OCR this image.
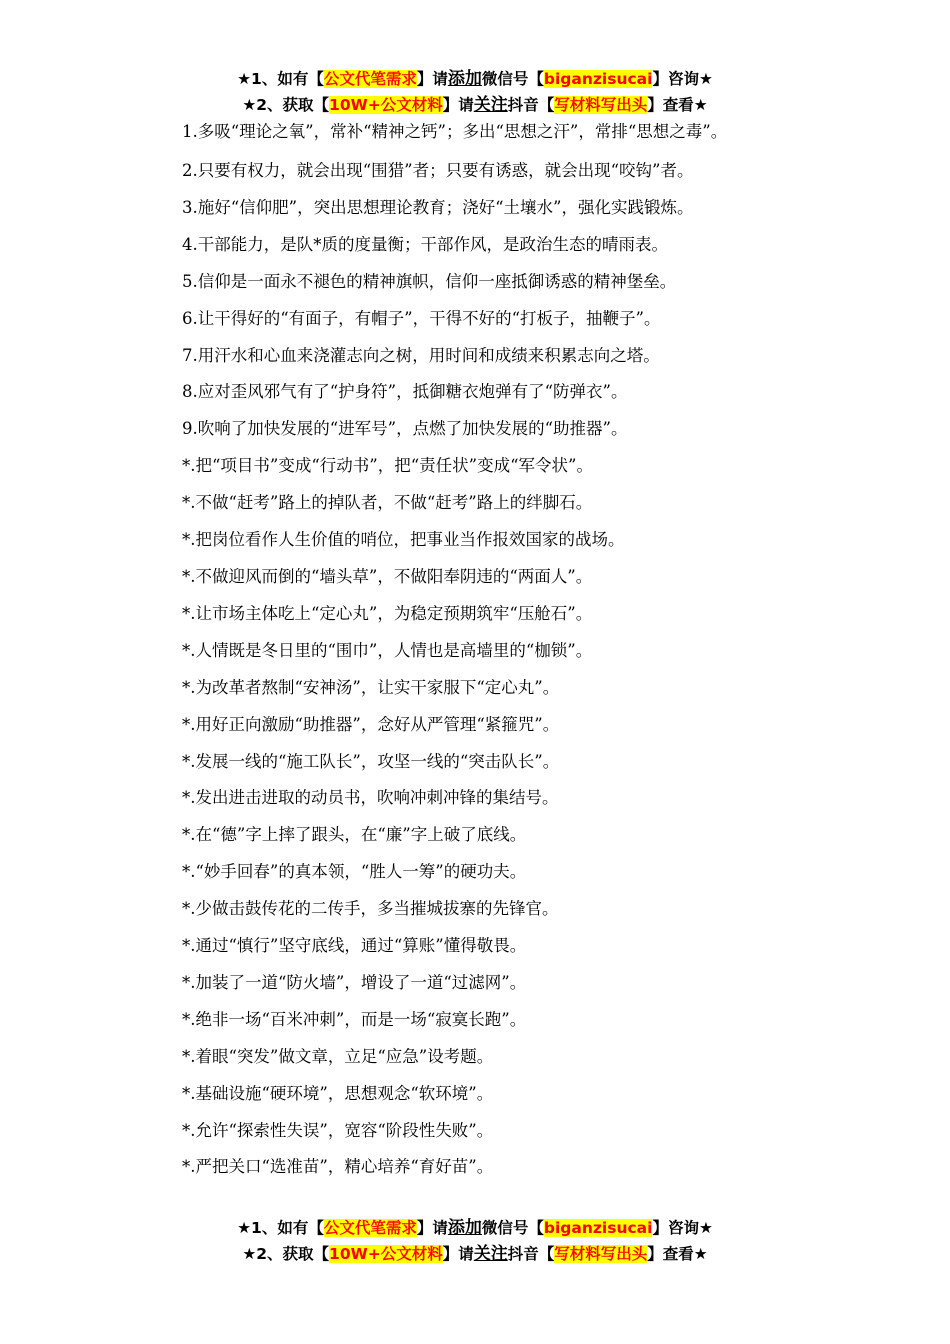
★1、如有【公文代笔需求】请添加微信号【biganzisucai】咨询★
★2、获取【10W+公文材料】请关注抖音【写材料写出头】查看★

1.多吸“理论之氧”，常补“精神之钙”；多出“思想之汗”，常排“思想之毒”。

2.只要有权力，就会出现“围猎”者；只要有诱惑，就会出现“咬钩”者。

3.施好“信仰肥”，突出思想理论教育；浇好“土壤水”，强化实践锻炼。

4.干部能力，是队*质的度量衡；干部作风，是政治生态的晴雨表。

5.信仰是一面永不褪色的精神旗帜，信仰一座抵御诱惑的精神堡垒。

6.让干得好的“有面子，有帽子”，干得不好的“打板子，抽鞭子”。

7.用汗水和心血来浇灌志向之树，用时间和成绩来积累志向之塔。

8.应对歪风邪气有了“护身符”，抵御糖衣炮弹有了“防弹衣”。

9.吹响了加快发展的“进军号”，点燃了加快发展的“助推器”。

*.把“项目书”变成“行动书”，把“责任状”变成“军令状”。

*.不做“赶考”路上的掉队者，不做“赶考”路上的绊脚石。

*.把岗位看作人生价值的哨位，把事业当作报效国家的战场。

*.不做迎风而倒的“墙头草”，不做阳奉阴违的“两面人”。

*.让市场主体吃上“定心丸”，为稳定预期筑牢“压舱石”。

*.人情既是冬日里的“围巾”，人情也是高墙里的“枷锁”。

*.为改革者熬制“安神汤”，让实干家服下“定心丸”。

*.用好正向激励“助推器”，念好从严管理“紧箍咒”。

*.发展一线的“施工队长”，攻坚一线的“突击队长”。

*.发出进击进取的动员书，吹响冲刺冲锋的集结号。

*.在“德”字上摔了跟头，在“廉”字上破了底线。

*.“妙手回春”的真本领，“胜人一筹”的硬功夫。

*.少做击鼓传花的二传手，多当摧城拔寨的先锋官。

*.通过“慎行”坚守底线，通过“算账”懂得敬畏。

*.加装了一道“防火墙”，增设了一道“过滤网”。

*.绝非一场“百米冲刺”，而是一场“寂寞长跑”。

*.着眼“突发”做文章，立足“应急”设考题。

*.基础设施“硬环境”，思想观念“软环境”。

*.允许“探索性失误”，宽容“阶段性失败”。

*.严把关口“选准苗”，精心培养“育好苗”。

★1、如有【公文代笔需求】请添加微信号【biganzisucai】咨询★
★2、获取【10W+公文材料】请关注抖音【写材料写出头】查看★
